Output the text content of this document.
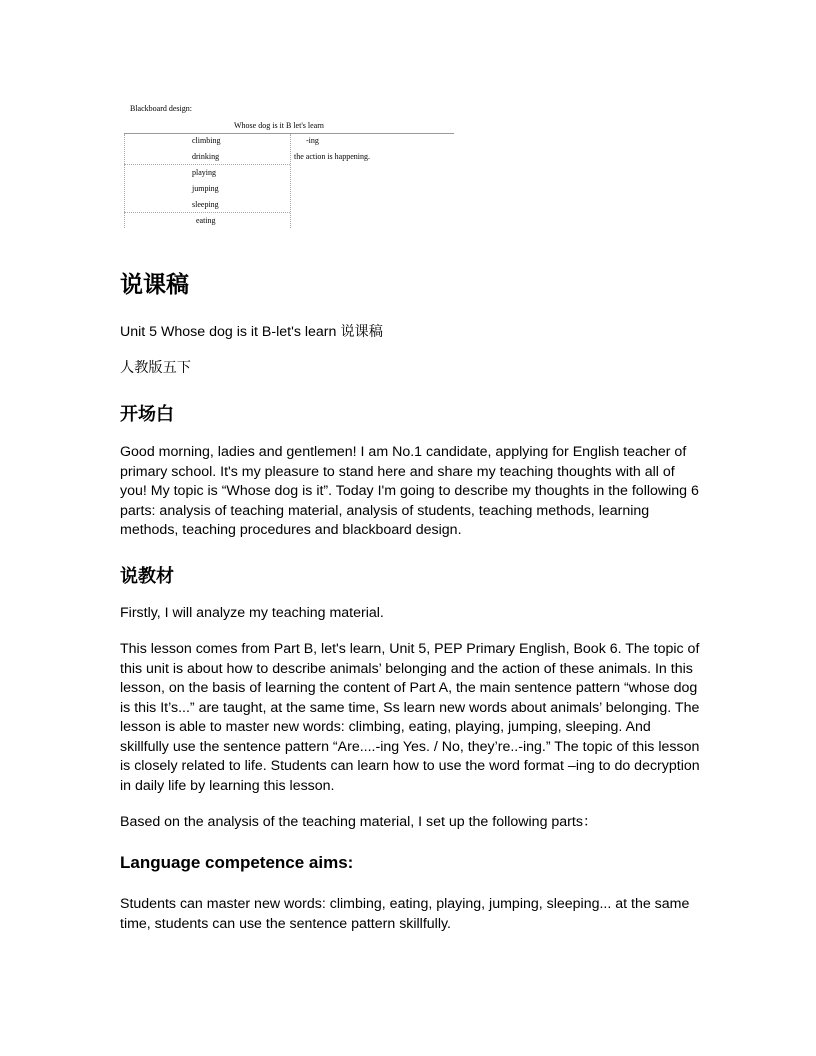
Blackboard design:
Whose dog is it B let's learn
climbing
drinking
playing
jumping
sleeping
eating
-ing
the action is happening.
说课稿

Unit 5 Whose dog is it B-let's learn 说课稿

人教版五下

开场白

Good morning, ladies and gentlemen! I am No.1 candidate, applying for English teacher of primary school. It's my pleasure to stand here and share my teaching thoughts with all of you! My topic is “Whose dog is it”. Today I'm going to describe my thoughts in the following 6 parts: analysis of teaching material, analysis of students, teaching methods, learning methods, teaching procedures and blackboard design.

说教材

Firstly, I will analyze my teaching material.

This lesson comes from Part B, let's learn, Unit 5, PEP Primary English, Book 6. The topic of this unit is about how to describe animals’ belonging and the action of these animals. In this lesson, on the basis of learning the content of Part A, the main sentence pattern “whose dog is this It’s...” are taught, at the same time, Ss learn new words about animals’ belonging. The lesson is able to master new words: climbing, eating, playing, jumping, sleeping. And skillfully use the sentence pattern “Are....-ing Yes. / No, they’re..-ing.” The topic of this lesson is closely related to life. Students can learn how to use the word format –ing to do decryption in daily life by learning this lesson.

Based on the analysis of the teaching material, I set up the following parts：

Language competence aims:

Students can master new words: climbing, eating, playing, jumping, sleeping... at the same time, students can use the sentence pattern skillfully.
